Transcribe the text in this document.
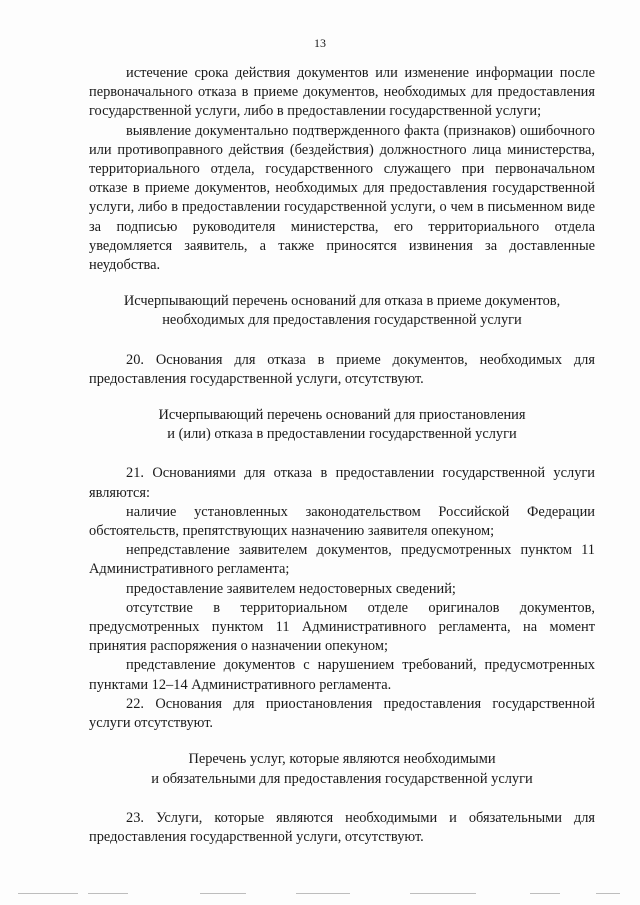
13

истечение срока действия документов или изменение информации после первоначального отказа в приеме документов, необходимых для предоставления государственной услуги, либо в предоставлении государственной услуги;

выявление документально подтвержденного факта (признаков) ошибочного или противоправного действия (бездействия) должностного лица министерства, территориального отдела, государственного служащего при первоначальном отказе в приеме документов, необходимых для предоставления государственной услуги, либо в предоставлении государственной услуги, о чем в письменном виде за подписью руководителя министерства, его территориального отдела уведомляется заявитель, а также приносятся извинения за доставленные неудобства.

Исчерпывающий перечень оснований для отказа в приеме документов,
необходимых для предоставления государственной услуги

20. Основания для отказа в приеме документов, необходимых для предоставления государственной услуги, отсутствуют.

Исчерпывающий перечень оснований для приостановления
и (или) отказа в предоставлении государственной услуги

21. Основаниями для отказа в предоставлении государственной услуги являются:

наличие установленных законодательством Российской Федерации обстоятельств, препятствующих назначению заявителя опекуном;

непредставление заявителем документов, предусмотренных пунктом 11 Административного регламента;

предоставление заявителем недостоверных сведений;

отсутствие в территориальном отделе оригиналов документов, предусмотренных пунктом 11 Административного регламента, на момент принятия распоряжения о назначении опекуном;

представление документов с нарушением требований, предусмотренных пунктами 12–14 Административного регламента.

22. Основания для приостановления предоставления государственной услуги отсутствуют.

Перечень услуг, которые являются необходимыми
и обязательными для предоставления государственной услуги

23. Услуги, которые являются необходимыми и обязательными для предоставления государственной услуги, отсутствуют.
